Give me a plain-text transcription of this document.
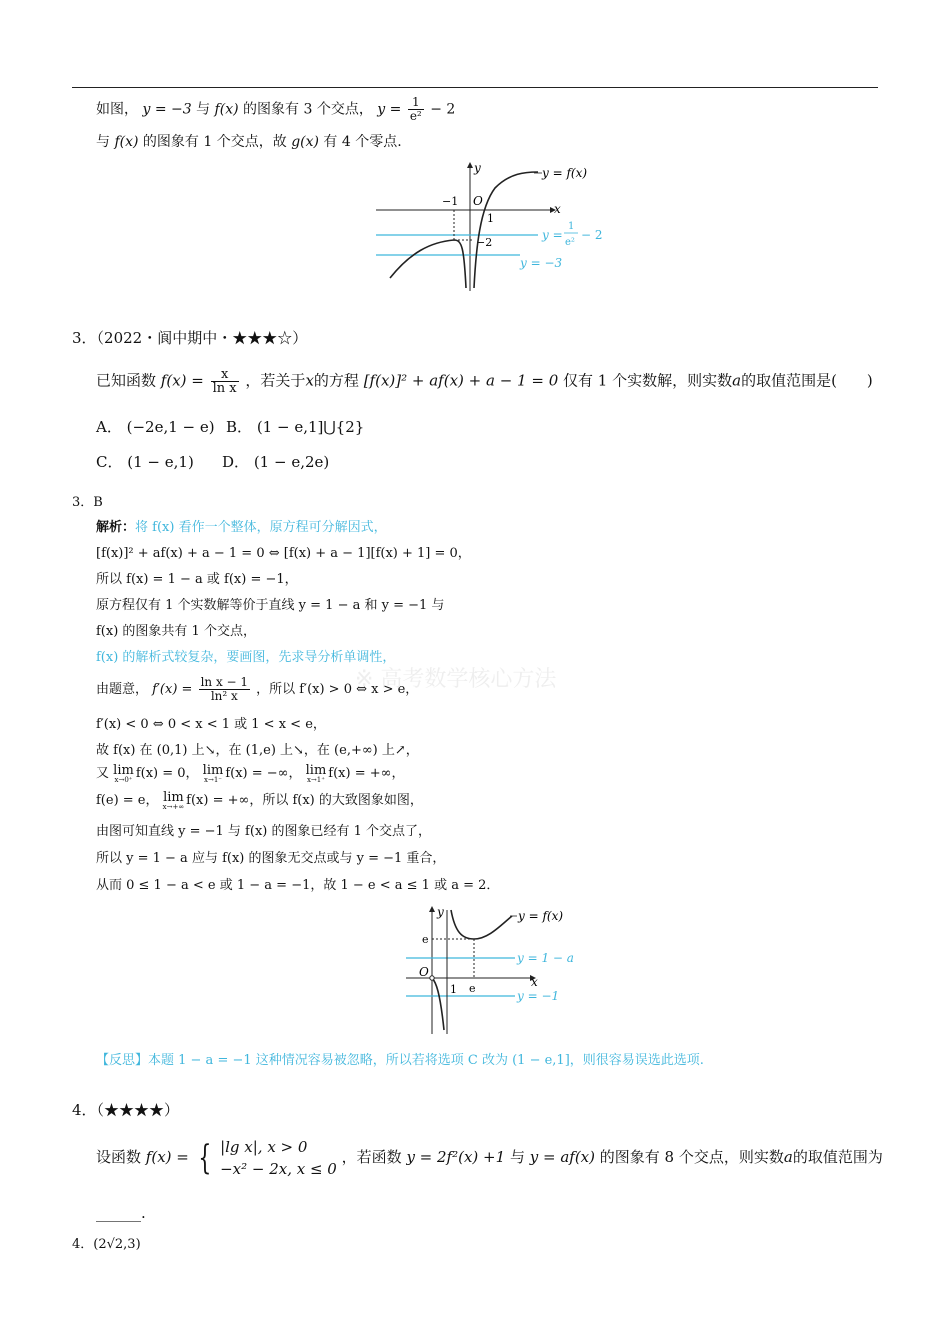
如图， y = −3 与 f(x) 的图象有 3 个交点， $y = \frac{1}{\text{e²}} - 2$
与 f(x) 的图象有 1 个交点，故 g(x) 有 4 个零点.
y
x
O
−1
1
−2
y = f(x)
y =
1
e²
− 2
y = −3
3．（2022・阆中期中・★★★☆）
已知函数 $f(x) = \frac{x}{\text{ln x}}$ ，若关于x的方程 [f(x)]² + af(x) + a − 1 = 0 仅有 1 个实数解，则实数a的取值范围是(　　)
A． (−2e,1 − e) B． (1 − e,1]⋃{2}
C． (1 − e,1) D． (1 − e,2e)
3．B
解析：将 f(x) 看作一个整体，原方程可分解因式，
[f(x)]² + af(x) + a − 1 = 0 ⇔ [f(x) + a − 1][f(x) + 1] = 0，
所以 f(x) = 1 − a 或 f(x) = −1，
原方程仅有 1 个实数解等价于直线 y = 1 − a 和 y = −1 与
f(x) 的图象共有 1 个交点，
f(x) 的解析式较复杂，要画图，先求导分析单调性，
由题意， $f'(x) = \frac{\text{ln x − 1}}{\text{ln² x}}$ ，所以 f′(x) > 0 ⇔ x > e，
f′(x) < 0 ⇔ 0 < x < 1 或 1 < x < e，
故 f(x) 在 (0,1) 上↘，在 (1,e) 上↘，在 (e,+∞) 上↗，
又 lim
x→0⁺ f(x) = 0， lim
x→1⁻ f(x) = −∞， lim
x→1⁺ f(x) = +∞，
f(e) = e， lim
x→+∞ f(x) = +∞，所以 f(x) 的大致图象如图，
由图可知直线 y = −1 与 f(x) 的图象已经有 1 个交点了，
所以 y = 1 − a 应与 f(x) 的图象无交点或与 y = −1 重合，
从而 0 ≤ 1 − a < e 或 1 − a = −1，故 1 − e < a ≤ 1 或 a = 2．
※ 高考数学核心方法
y
x
O
e
1 e
y = 1 − a
y = −1
y = f(x)
【反思】本题 1 − a = −1 这种情况容易被忽略，所以若将选项 C 改为 (1 − e,1]，则很容易误选此选项.
4．（★★★★）
设函数 f(x) = { |lg x|, x > 0
−x² − 2x, x ≤ 0
，若函数 y = 2f²(x) +1 与 y = af(x) 的图象有 8 个交点，则实数a的取值范围为
______.
4．(2√2,3)
